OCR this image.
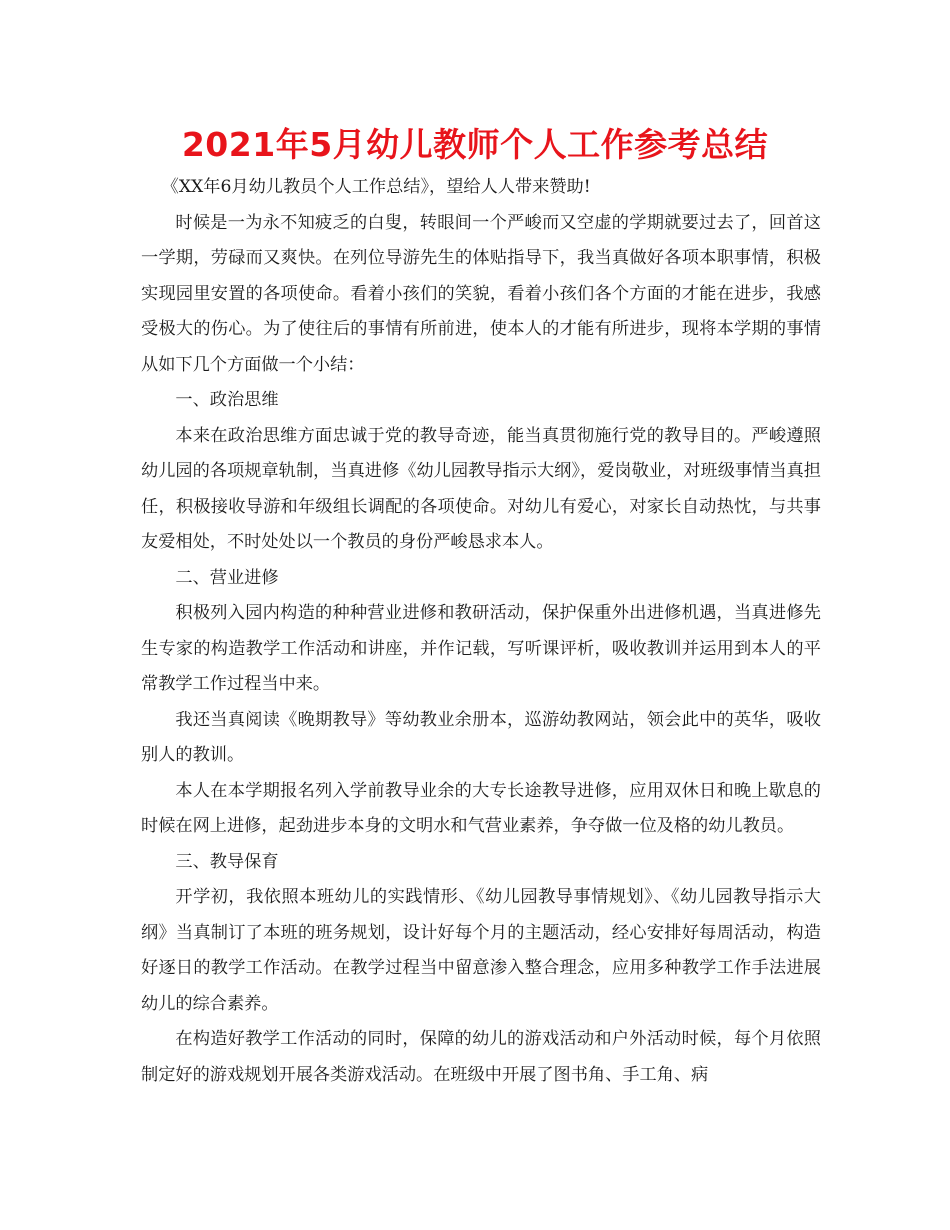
2021年5月幼儿教师个人工作参考总结

《XX年6月幼儿教员个人工作总结》，望给人人带来赞助!

时候是一为永不知疲乏的白叟，转眼间一个严峻而又空虚的学期就要过去了，回首这一学期，劳碌而又爽快。在列位导游先生的体贴指导下，我当真做好各项本职事情，积极实现园里安置的各项使命。看着小孩们的笑貌，看着小孩们各个方面的才能在进步，我感受极大的伤心。为了使往后的事情有所前进，使本人的才能有所进步，现将本学期的事情从如下几个方面做一个小结：

一、政治思维

本来在政治思维方面忠诚于党的教导奇迹，能当真贯彻施行党的教导目的。严峻遵照幼儿园的各项规章轨制，当真进修《幼儿园教导指示大纲》，爱岗敬业，对班级事情当真担任，积极接收导游和年级组长调配的各项使命。对幼儿有爱心，对家长自动热忱，与共事友爱相处，不时处处以一个教员的身份严峻恳求本人。

二、营业进修

积极列入园内构造的种种营业进修和教研活动，保护保重外出进修机遇，当真进修先生专家的构造教学工作活动和讲座，并作记载，写听课评析，吸收教训并运用到本人的平常教学工作过程当中来。

我还当真阅读《晚期教导》等幼教业余册本，巡游幼教网站，领会此中的英华，吸收别人的教训。

本人在本学期报名列入学前教导业余的大专长途教导进修，应用双休日和晚上歇息的时候在网上进修，起劲进步本身的文明水和气营业素养，争夺做一位及格的幼儿教员。

三、教导保育

开学初，我依照本班幼儿的实践情形、《幼儿园教导事情规划》、《幼儿园教导指示大纲》当真制订了本班的班务规划，设计好每个月的主题活动，经心安排好每周活动，构造好逐日的教学工作活动。在教学过程当中留意渗入整合理念，应用多种教学工作手法进展幼儿的综合素养。

在构造好教学工作活动的同时，保障的幼儿的游戏活动和户外活动时候，每个月依照制定好的游戏规划开展各类游戏活动。在班级中开展了图书角、手工角、病
